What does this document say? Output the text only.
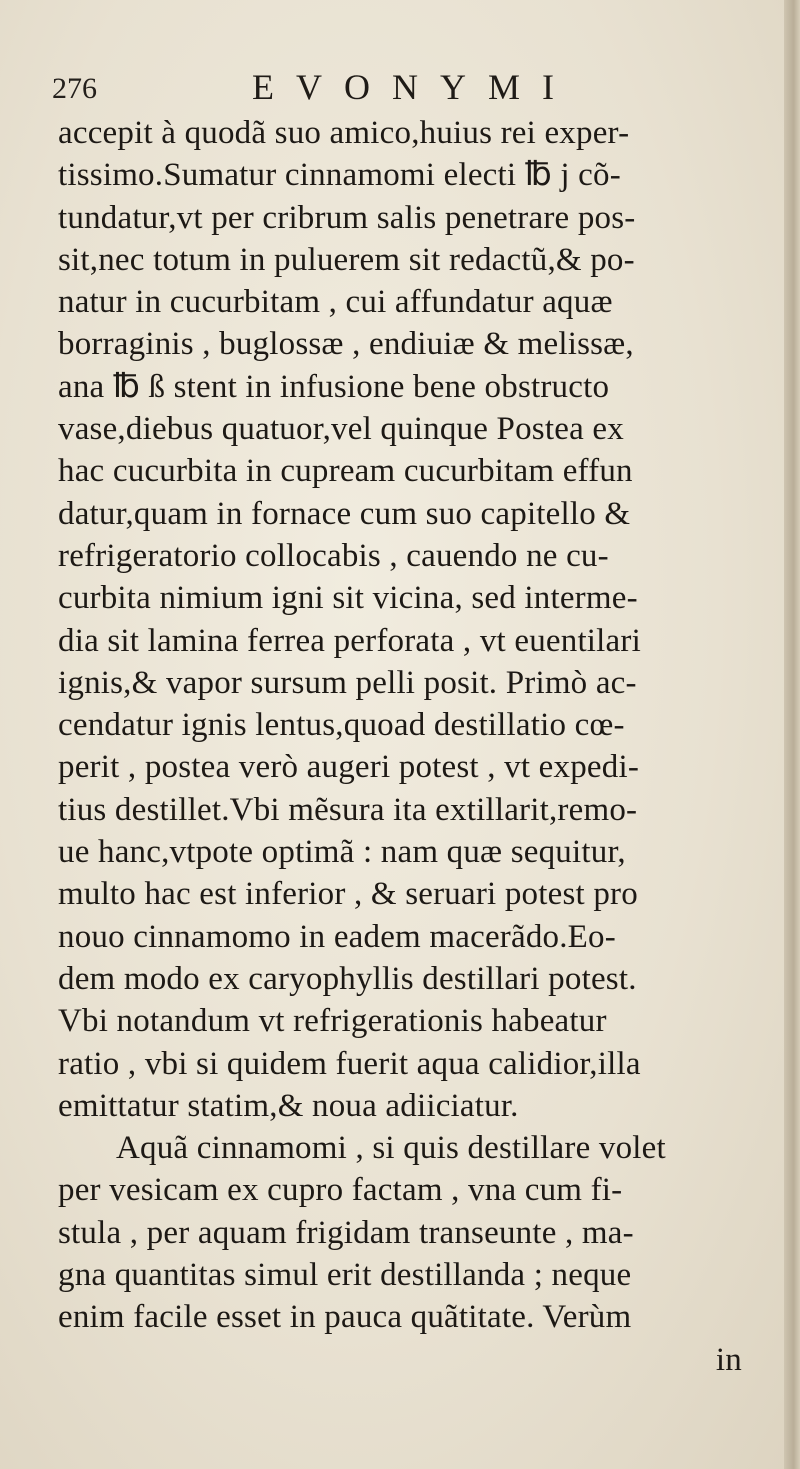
276	EVONYMI
accepit à quodã suo amico,huius rei exper-
tissimo.Sumatur cinnamomi electi ℔ j cõ-
tundatur,vt per cribrum salis penetrare pos-
sit,nec totum in puluerem sit redactũ,& po-
natur in cucurbitam , cui affundatur aquæ
borraginis , buglossæ , endiuiæ & melissæ,
ana ℔ ß stent in infusione bene obstructo
vase,diebus quatuor,vel quinque Postea ex
hac cucurbita in cupream cucurbitam effun
datur,quam in fornace cum suo capitello &
refrigeratorio collocabis , cauendo ne cu-
curbita nimium igni sit vicina, sed interme-
dia sit lamina ferrea perforata , vt euentilari
ignis,& vapor sursum pelli posit. Primò ac-
cendatur ignis lentus,quoad destillatio cœ-
perit , postea verò augeri potest , vt expedi-
tius destillet.Vbi mẽsura ita extillarit,remo-
ue hanc,vtpote optimã : nam quæ sequitur,
multo hac est inferior , & seruari potest pro
nouo cinnamomo in eadem macerãdo.Eo-
dem modo ex caryophyllis destillari potest.
Vbi notandum vt refrigerationis habeatur
ratio , vbi si quidem fuerit aqua calidior,illa
emittatur statim,& noua adiiciatur.
Aquã cinnamomi , si quis destillare volet
per vesicam ex cupro factam , vna cum fi-
stula , per aquam frigidam transeunte , ma-
gna quantitas simul erit destillanda ; neque
enim facile esset in pauca quãtitate. Verùm
in
